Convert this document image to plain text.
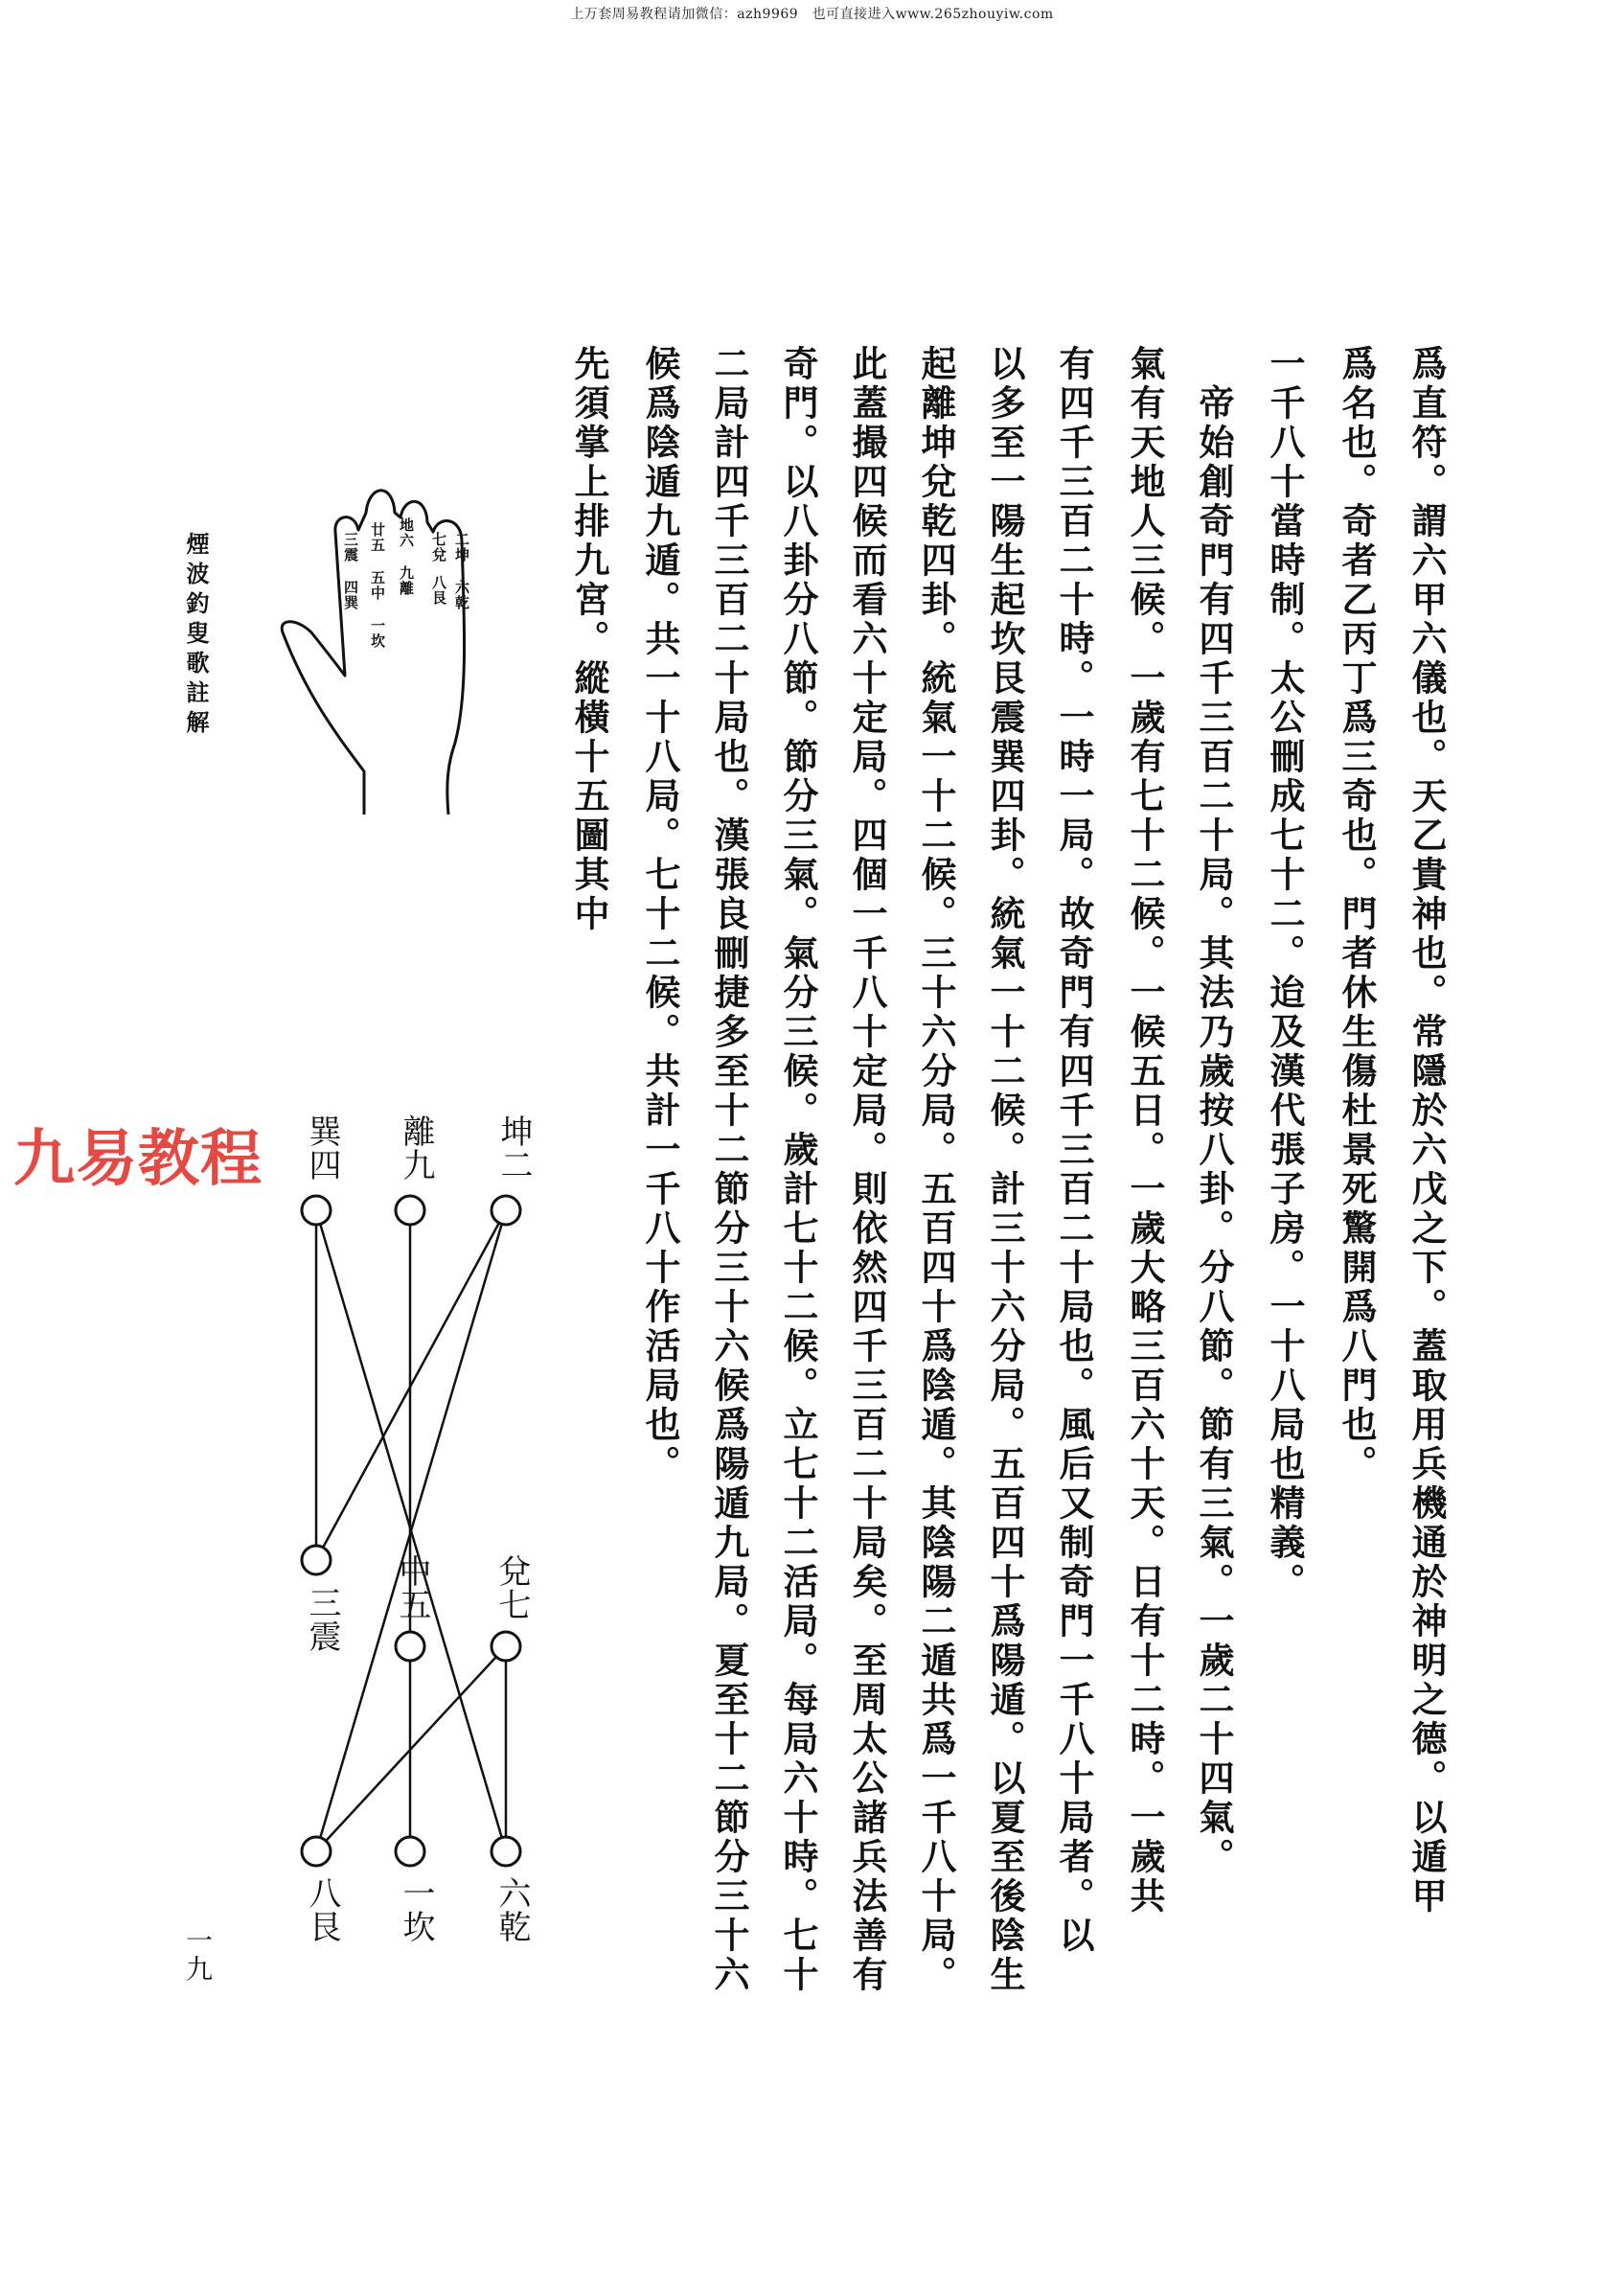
上万套周易教程请加微信：azh9969　也可直接进入www.265zhouyiw.com
爲直符。謂六甲六儀也。天乙貴神也。常隱於六戊之下。蓋取用兵機通於神明之德。以遁甲
爲名也。奇者乙丙丁爲三奇也。門者休生傷杜景死驚開爲八門也。
一千八十當時制。太公刪成七十二。迨及漢代張子房。一十八局也精義。
　帝始創奇門有四千三百二十局。其法乃歲按八卦。分八節。節有三氣。一歲二十四氣。
氣有天地人三候。一歲有七十二候。一候五日。一歲大略三百六十天。日有十二時。一歲共
有四千三百二十時。一時一局。故奇門有四千三百二十局也。風后又制奇門一千八十局者。以
以多至一陽生起坎艮震巽四卦。統氣一十二候。計三十六分局。五百四十爲陽遁。以夏至後陰生
起離坤兌乾四卦。統氣一十二候。三十六分局。五百四十爲陰遁。其陰陽二遁共爲一千八十局。
此蓋撮四候而看六十定局。四個一千八十定局。則依然四千三百二十局矣。至周太公諸兵法善有
奇門。以八卦分八節。節分三氣。氣分三候。歲計七十二候。立七十二活局。每局六十時。七十
二局計四千三百二十局也。漢張良刪捷多至十二節分三十六候爲陽遁九局。夏至十二節分三十六
候爲陰遁九遁。共一十八局。七十二候。共計一千八十作活局也。
先須掌上排九宮。縱橫十五圖其中
三震
四巽
廿五
五中
一坎
地六
九離
七兌
八艮
二坤
六乾
煙波釣叟歌註解
九易教程 巽四 離九 坤二
三震 中五 兌七
八艮 一坎 六乾
一九
